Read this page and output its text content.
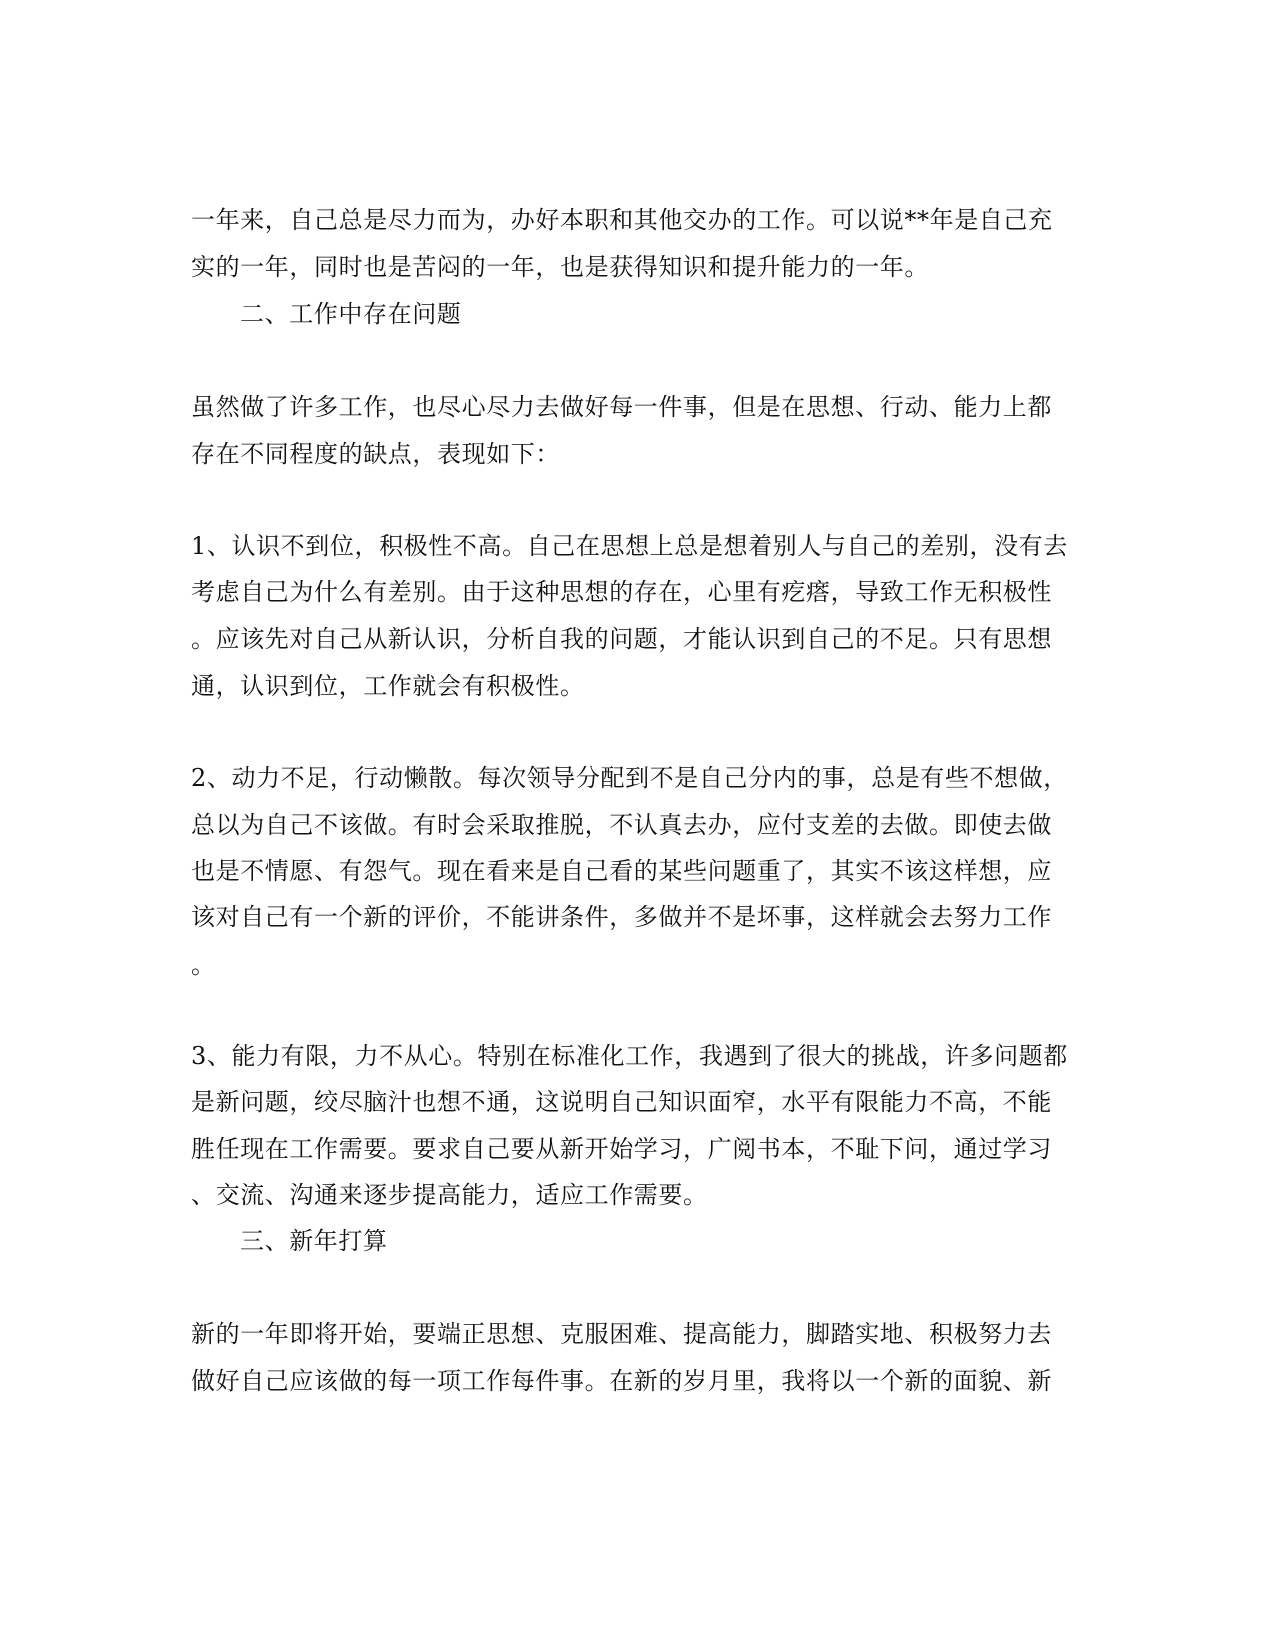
一年来，自己总是尽力而为，办好本职和其他交办的工作。可以说**年是自己充
实的一年，同时也是苦闷的一年，也是获得知识和提升能力的一年。
二、工作中存在问题
虽然做了许多工作，也尽心尽力去做好每一件事，但是在思想、行动、能力上都
存在不同程度的缺点，表现如下：
1、认识不到位，积极性不高。自己在思想上总是想着别人与自己的差别，没有去
考虑自己为什么有差别。由于这种思想的存在，心里有疙瘩，导致工作无积极性
。应该先对自己从新认识，分析自我的问题，才能认识到自己的不足。只有思想
通，认识到位，工作就会有积极性。
2、动力不足，行动懒散。每次领导分配到不是自己分内的事，总是有些不想做，
总以为自己不该做。有时会采取推脱，不认真去办，应付支差的去做。即使去做
也是不情愿、有怨气。现在看来是自己看的某些问题重了，其实不该这样想，应
该对自己有一个新的评价，不能讲条件，多做并不是坏事，这样就会去努力工作
。
3、能力有限，力不从心。特别在标准化工作，我遇到了很大的挑战，许多问题都
是新问题，绞尽脑汁也想不通，这说明自己知识面窄，水平有限能力不高，不能
胜任现在工作需要。要求自己要从新开始学习，广阅书本，不耻下问，通过学习
、交流、沟通来逐步提高能力，适应工作需要。
三、新年打算
新的一年即将开始，要端正思想、克服困难、提高能力，脚踏实地、积极努力去
做好自己应该做的每一项工作每件事。在新的岁月里，我将以一个新的面貌、新
